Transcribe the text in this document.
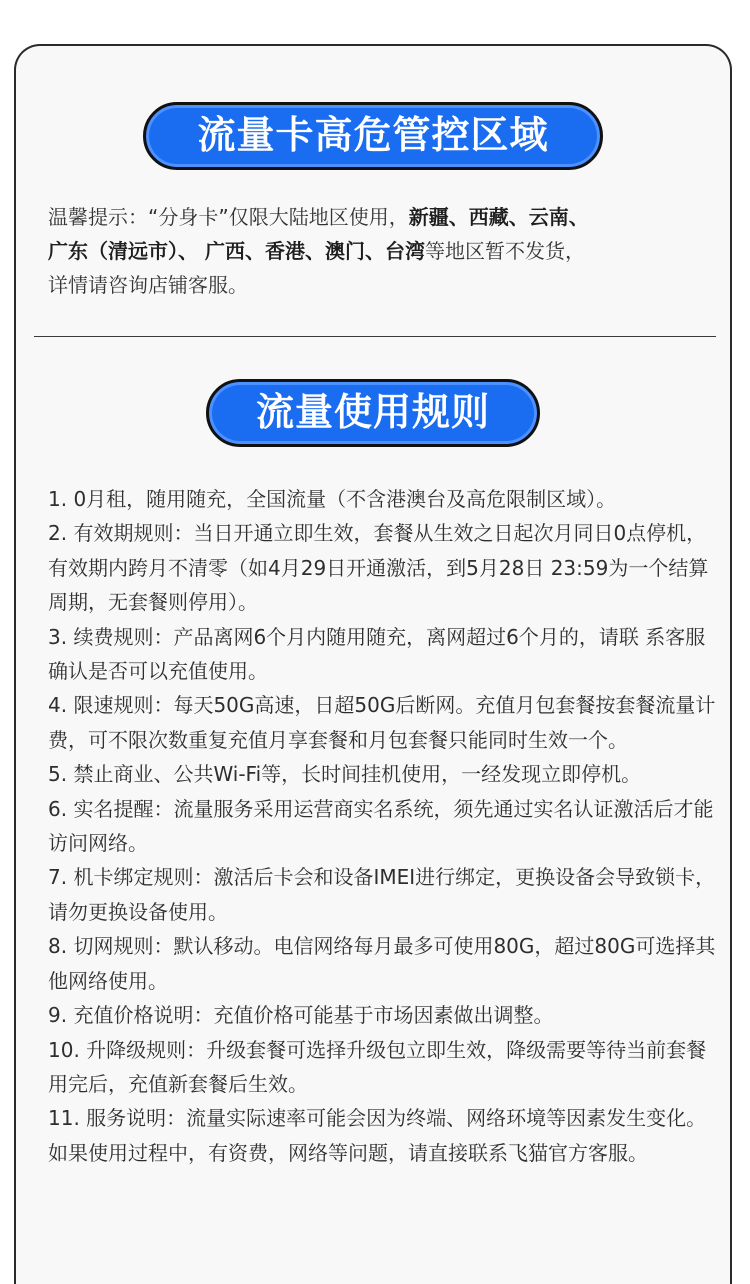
流量卡高危管控区域
温馨提示：“分身卡”仅限大陆地区使用，新疆、西藏、云南、
广东（清远市）、 广西、香港、澳门、台湾等地区暂不发货，
详情请咨询店铺客服。
流量使用规则

1. 0月租，随用随充，全国流量（不含港澳台及高危限制区域）。

2. 有效期规则：当日开通立即生效，套餐从生效之日起次月同日0点停机，有效期内跨月不清零（如4月29日开通激活，到5月28日 23:59为一个结算周期，无套餐则停用）。

3. 续费规则：产品离网6个月内随用随充，离网超过6个月的，请联 系客服确认是否可以充值使用。

4. 限速规则：每天50G高速，日超50G后断网。充值月包套餐按套餐流量计费，可不限次数重复充值月享套餐和月包套餐只能同时生效一个。

5. 禁止商业、公共Wi-Fi等，长时间挂机使用，一经发现立即停机。

6. 实名提醒：流量服务采用运营商实名系统，须先通过实名认证激活后才能访问网络。

7. 机卡绑定规则：激活后卡会和设备IMEI进行绑定，更换设备会导致锁卡，请勿更换设备使用。

8. 切网规则：默认移动。电信网络每月最多可使用80G，超过80G可选择其他网络使用。

9. 充值价格说明：充值价格可能基于市场因素做出调整。

10. 升降级规则：升级套餐可选择升级包立即生效，降级需要等待当前套餐用完后，充值新套餐后生效。

11. 服务说明：流量实际速率可能会因为终端、网络环境等因素发生变化。如果使用过程中，有资费，网络等问题，请直接联系飞猫官方客服。
